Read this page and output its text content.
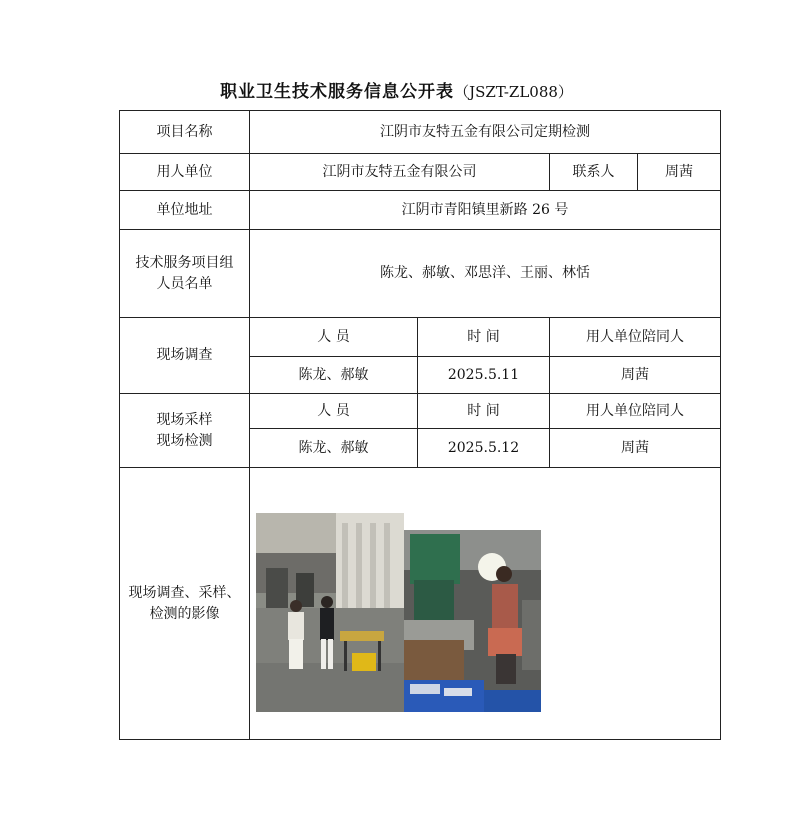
职业卫生技术服务信息公开表（JSZT-ZL088）
项目名称	江阴市友特五金有限公司定期检测			
用人单位	江阴市友特五金有限公司		联系人	周茜
单位地址	江阴市青阳镇里新路 26 号			

技术服务项目组人员名单	陈龙、郝敏、邓思洋、王丽、林恬			
现场调查	人 员	时 间	用人单位陪同人	
	陈龙、郝敏	2025.5.11	周茜	

现场采样现场检测	人 员	时 间	用人单位陪同人	
	陈龙、郝敏	2025.5.12	周茜	

现场调查、采样、检测的影像
